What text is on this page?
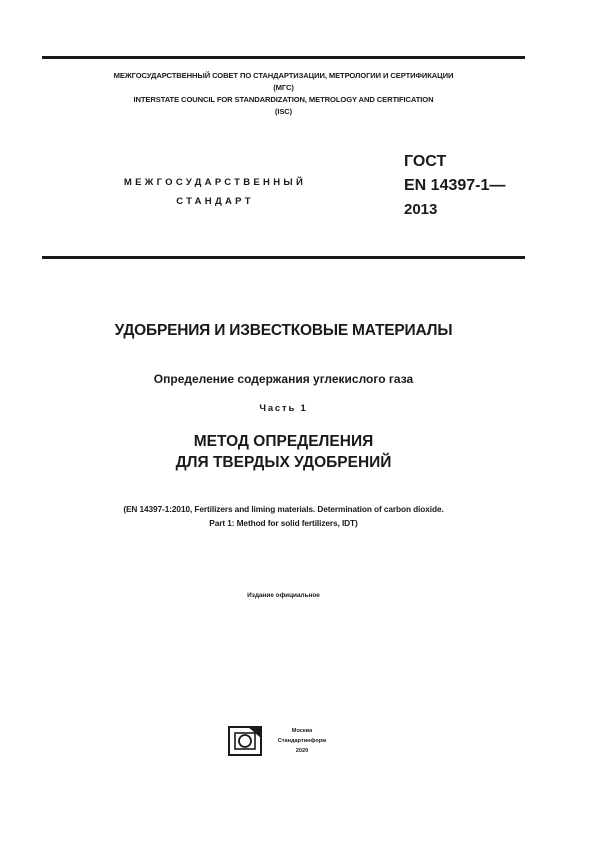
МЕЖГОСУДАРСТВЕННЫЙ СОВЕТ ПО СТАНДАРТИЗАЦИИ, МЕТРОЛОГИИ И СЕРТИФИКАЦИИ
(МГС)
INTERSTATE COUNCIL FOR STANDARDIZATION, METROLOGY AND CERTIFICATION
(ISC)
МЕЖГОСУДАРСТВЕННЫЙ
СТАНДАРТ
ГОСТ
EN 14397-1—
2013
УДОБРЕНИЯ И ИЗВЕСТКОВЫЕ МАТЕРИАЛЫ
Определение содержания углекислого газа
Часть 1
МЕТОД ОПРЕДЕЛЕНИЯ
ДЛЯ ТВЕРДЫХ УДОБРЕНИЙ
(EN 14397-1:2010, Fertilizers and liming materials. Determination of carbon dioxide.
Part 1: Method for solid fertilizers, IDT)
Издание официальное
Москва
Стандартинформ
2020
